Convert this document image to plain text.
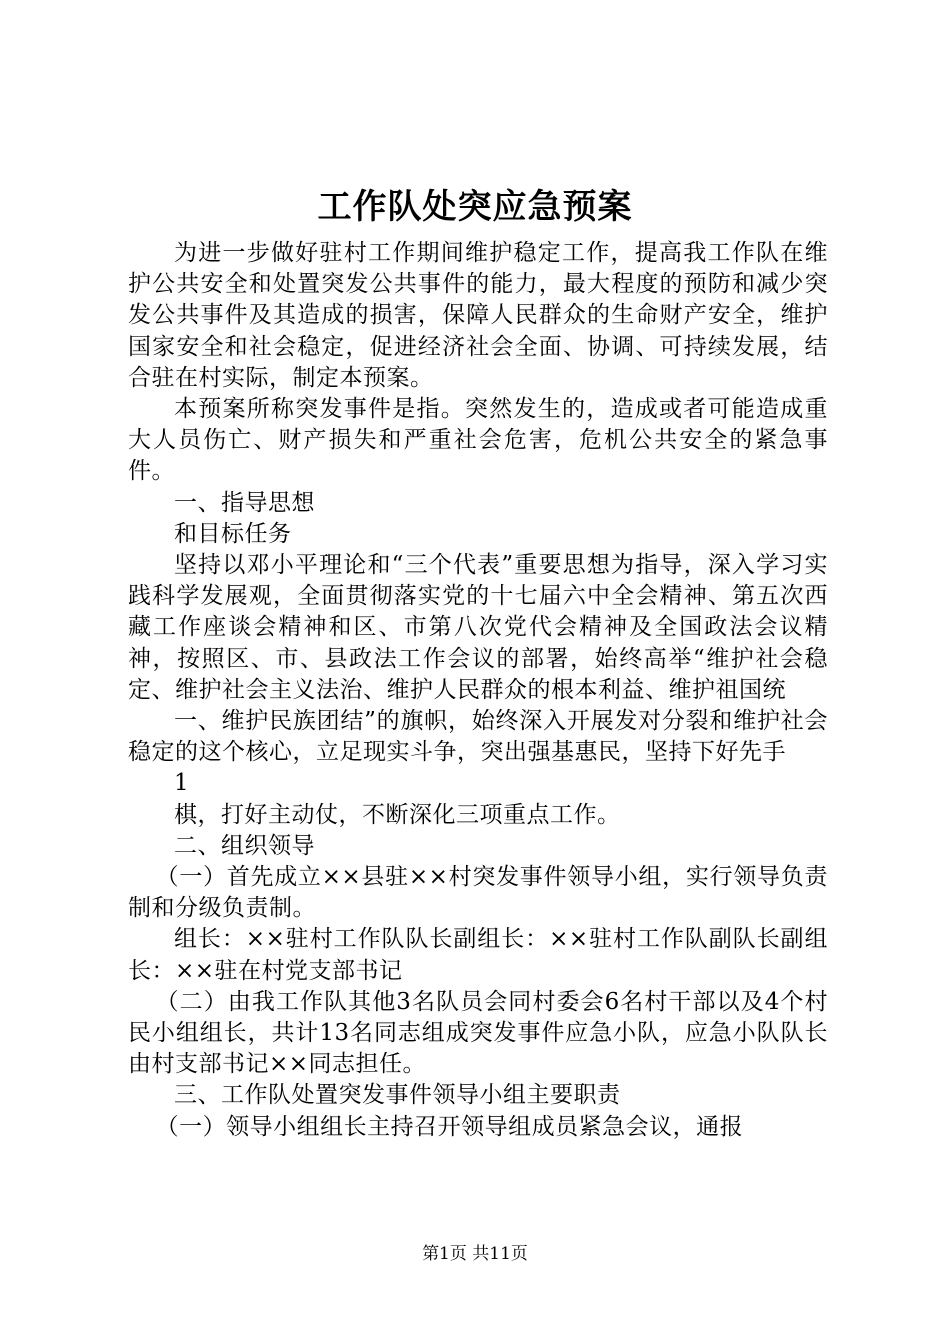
工作队处突应急预案

为进一步做好驻村工作期间维护稳定工作，提高我工作队在维护公共安全和处置突发公共事件的能力，最大程度的预防和减少突发公共事件及其造成的损害，保障人民群众的生命财产安全，维护国家安全和社会稳定，促进经济社会全面、协调、可持续发展，结合驻在村实际，制定本预案。

本预案所称突发事件是指。突然发生的，造成或者可能造成重大人员伤亡、财产损失和严重社会危害，危机公共安全的紧急事件。

一、指导思想

和目标任务

坚持以邓小平理论和“三个代表”重要思想为指导，深入学习实践科学发展观，全面贯彻落实党的十七届六中全会精神、第五次西藏工作座谈会精神和区、市第八次党代会精神及全国政法会议精神，按照区、市、县政法工作会议的部署，始终高举“维护社会稳定、维护社会主义法治、维护人民群众的根本利益、维护祖国统

一、维护民族团结”的旗帜，始终深入开展发对分裂和维护社会稳定的这个核心，立足现实斗争，突出强基惠民，坚持下好先手

1

棋，打好主动仗，不断深化三项重点工作。

二、组织领导

（一）首先成立××县驻××村突发事件领导小组，实行领导负责制和分级负责制。

组长：××驻村工作队队长副组长：××驻村工作队副队长副组长：××驻在村党支部书记

（二）由我工作队其他3名队员会同村委会6名村干部以及4个村民小组组长，共计13名同志组成突发事件应急小队，应急小队队长由村支部书记××同志担任。

三、工作队处置突发事件领导小组主要职责

（一）领导小组组长主持召开领导组成员紧急会议，通报

第1页 共11页
